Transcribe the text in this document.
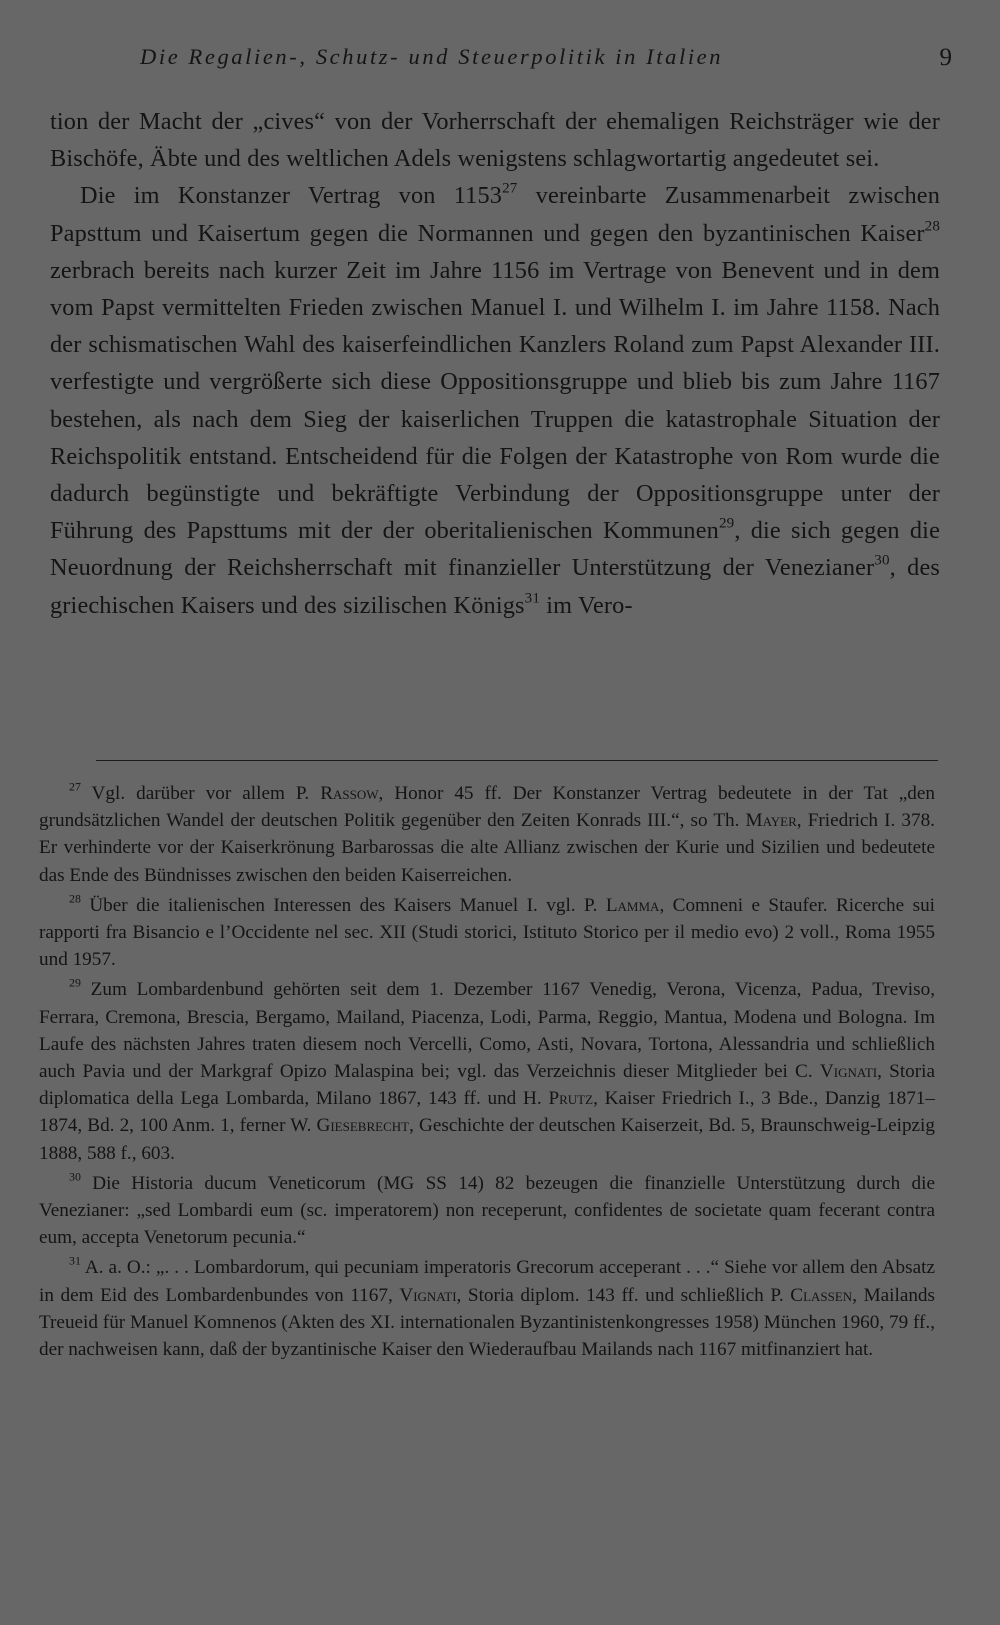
Die Regalien-, Schutz- und Steuerpolitik in Italien	9

tion der Macht der „cives“ von der Vorherrschaft der ehemaligen Reichsträger wie der Bischöfe, Äbte und des weltlichen Adels wenigstens schlagwortartig angedeutet sei.

Die im Konstanzer Vertrag von 1153$^{27}$ vereinbarte Zusammenarbeit zwischen Papsttum und Kaisertum gegen die Normannen und gegen den byzantinischen Kaiser$^{28}$ zerbrach bereits nach kurzer Zeit im Jahre 1156 im Vertrage von Benevent und in dem vom Papst vermittelten Frieden zwischen Manuel I. und Wilhelm I. im Jahre 1158. Nach der schismatischen Wahl des kaiserfeindlichen Kanzlers Roland zum Papst Alexander III. verfestigte und vergrößerte sich diese Oppositionsgruppe und blieb bis zum Jahre 1167 bestehen, als nach dem Sieg der kaiserlichen Truppen die katastrophale Situation der Reichspolitik entstand. Entscheidend für die Folgen der Katastrophe von Rom wurde die dadurch begünstigte und bekräftigte Verbindung der Oppositionsgruppe unter der Führung des Papsttums mit der der oberitalienischen Kommunen$^{29}$, die sich gegen die Neuordnung der Reichsherrschaft mit finanzieller Unterstützung der Venezianer$^{30}$, des griechischen Kaisers und des sizilischen Königs$^{31}$ im Vero-

$^{27}$ Vgl. darüber vor allem P. Rassow, Honor 45 ff. Der Konstanzer Vertrag bedeutete in der Tat „den grundsätzlichen Wandel der deutschen Politik gegenüber den Zeiten Konrads III.“, so Th. Mayer, Friedrich I. 378. Er verhinderte vor der Kaiserkrönung Barbarossas die alte Allianz zwischen der Kurie und Sizilien und bedeutete das Ende des Bündnisses zwischen den beiden Kaiserreichen.

$^{28}$ Über die italienischen Interessen des Kaisers Manuel I. vgl. P. Lamma, Comneni e Staufer. Ricerche sui rapporti fra Bisancio e l’Occidente nel sec. XII (Studi storici, Istituto Storico per il medio evo) 2 voll., Roma 1955 und 1957.

$^{29}$ Zum Lombardenbund gehörten seit dem 1. Dezember 1167 Venedig, Verona, Vicenza, Padua, Treviso, Ferrara, Cremona, Brescia, Bergamo, Mailand, Piacenza, Lodi, Parma, Reggio, Mantua, Modena und Bologna. Im Laufe des nächsten Jahres traten diesem noch Vercelli, Como, Asti, Novara, Tortona, Alessandria und schließlich auch Pavia und der Markgraf Opizo Malaspina bei; vgl. das Verzeichnis dieser Mitglieder bei C. Vignati, Storia diplomatica della Lega Lombarda, Milano 1867, 143 ff. und H. Prutz, Kaiser Friedrich I., 3 Bde., Danzig 1871–1874, Bd. 2, 100 Anm. 1, ferner W. Giesebrecht, Geschichte der deutschen Kaiserzeit, Bd. 5, Braunschweig-Leipzig 1888, 588 f., 603.

$^{30}$ Die Historia ducum Veneticorum (MG SS 14) 82 bezeugen die finanzielle Unterstützung durch die Venezianer: „sed Lombardi eum (sc. imperatorem) non receperunt, confidentes de societate quam fecerant contra eum, accepta Venetorum pecunia.“

$^{31}$ A. a. O.: „. . . Lombardorum, qui pecuniam imperatoris Grecorum acceperant . . .“ Siehe vor allem den Absatz in dem Eid des Lombardenbundes von 1167, Vignati, Storia diplom. 143 ff. und schließlich P. Classen, Mailands Treueid für Manuel Komnenos (Akten des XI. internationalen Byzantinistenkongresses 1958) München 1960, 79 ff., der nachweisen kann, daß der byzantinische Kaiser den Wiederaufbau Mailands nach 1167 mitfinanziert hat.
